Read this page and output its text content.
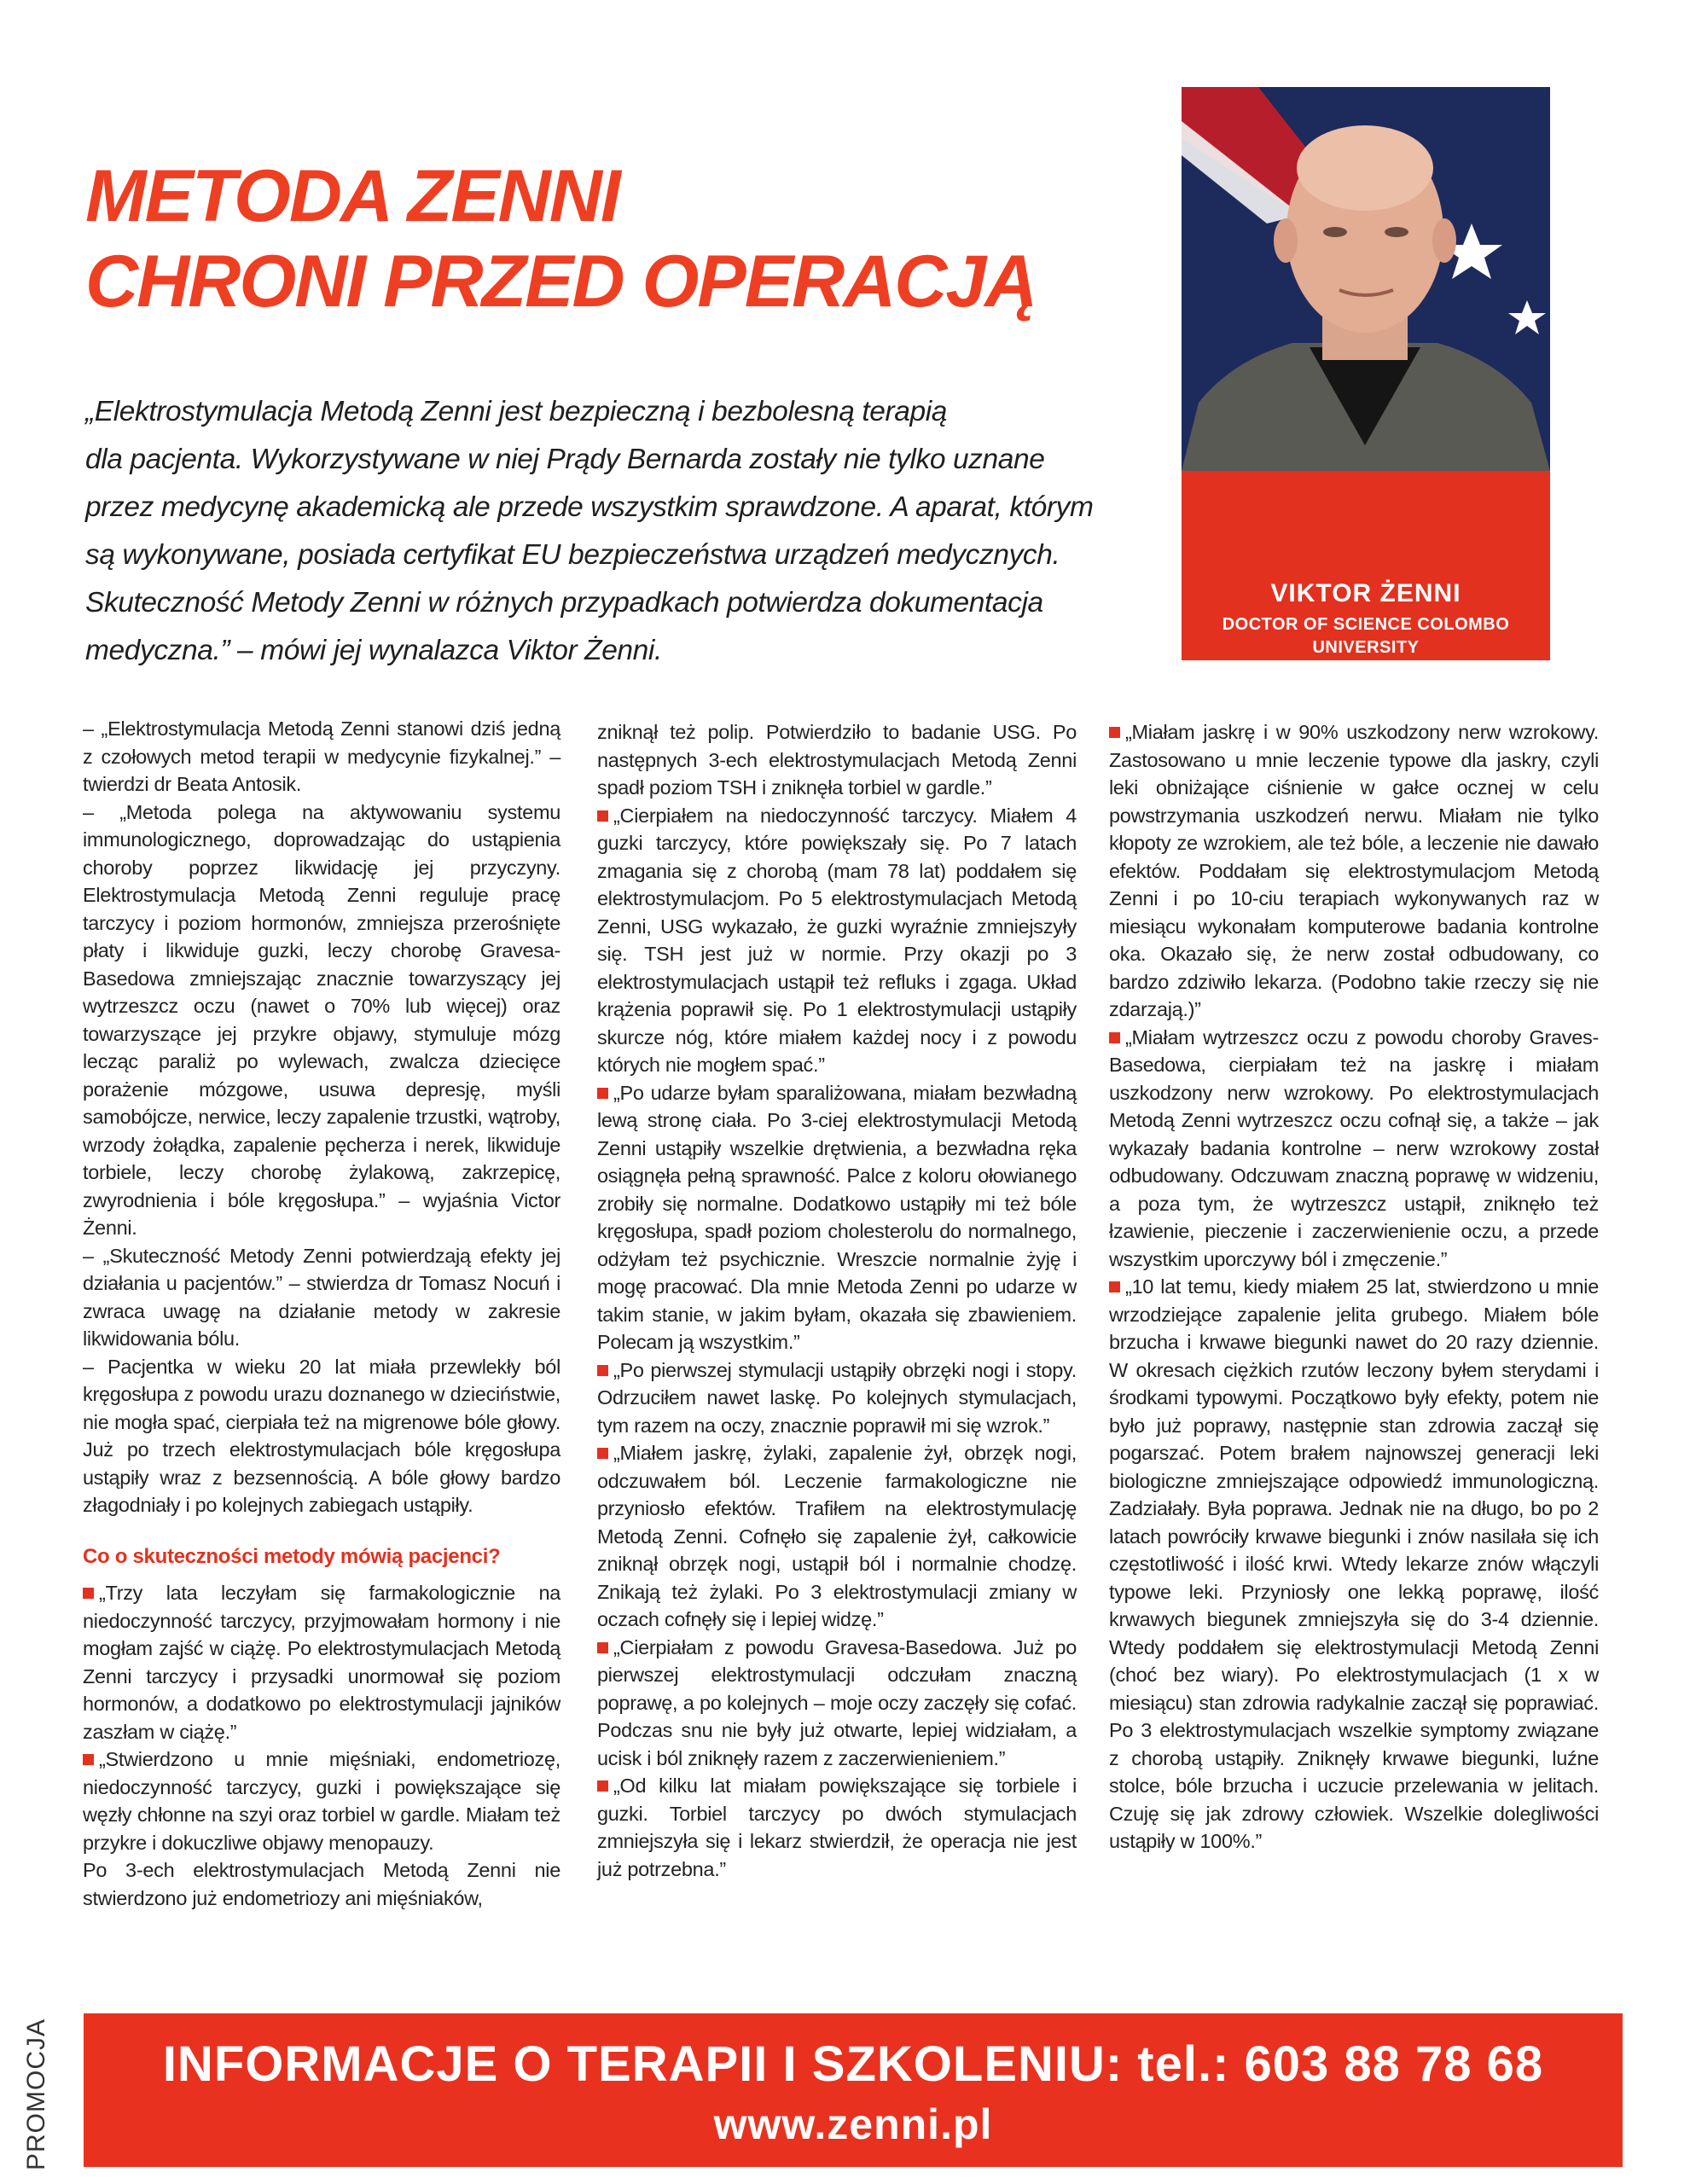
METODA ZENNI
CHRONI PRZED OPERACJĄ
„Elektrostymulacja Metodą Zenni jest bezpieczną i bezbolesną terapią
dla pacjenta. Wykorzystywane w niej Prądy Bernarda zostały nie tylko uznane
przez medycynę akademicką ale przede wszystkim sprawdzone. A aparat, którym
są wykonywane, posiada certyfikat EU bezpieczeństwa urządzeń medycznych.
Skuteczność Metody Zenni w różnych przypadkach potwierdza dokumentacja
medyczna.” – mówi jej wynalazca Viktor Żenni.
VIKTOR ŻENNI
DOCTOR OF SCIENCE COLOMBO UNIVERSITY
– Uczy swojej metody i prowadzi 8 gabinetów w Polsce

– „Elektrostymulacja Metodą Zenni stanowi dziś jedną z czołowych metod terapii w medycynie fizykalnej.” – twierdzi dr Beata Antosik.

– „Metoda polega na aktywowaniu systemu immunologicznego, doprowadzając do ustąpienia choroby poprzez likwidację jej przyczyny. Elektrostymulacja Metodą Zenni reguluje pracę tarczycy i poziom hormonów, zmniejsza przerośnięte płaty i likwiduje guzki, leczy chorobę Gravesa-Basedowa zmniejszając znacznie towarzyszący jej wytrzeszcz oczu (nawet o 70% lub więcej) oraz towarzyszące jej przykre objawy, stymuluje mózg lecząc paraliż po wylewach, zwalcza dziecięce porażenie mózgowe, usuwa depresję, myśli samobójcze, nerwice, leczy zapalenie trzustki, wątroby, wrzody żołądka, zapalenie pęcherza i nerek, likwiduje torbiele, leczy chorobę żylakową, zakrzepicę, zwyrodnienia i bóle kręgosłupa.” – wyjaśnia Victor Żenni.

– „Skuteczność Metody Zenni potwierdzają efekty jej działania u pacjentów.” – stwierdza dr Tomasz Nocuń i zwraca uwagę na działanie metody w zakresie likwidowania bólu.

– Pacjentka w wieku 20 lat miała przewlekły ból kręgosłupa z powodu urazu doznanego w dzieciństwie, nie mogła spać, cierpiała też na migrenowe bóle głowy. Już po trzech elektrostymulacjach bóle kręgosłupa ustąpiły wraz z bezsennością. A bóle głowy bardzo złagodniały i po kolejnych zabiegach ustąpiły.

Co o skuteczności metody mówią pacjenci?

„Trzy lata leczyłam się farmakologicznie na niedoczynność tarczycy, przyjmowałam hormony i nie mogłam zajść w ciążę. Po elektrostymulacjach Metodą Zenni tarczycy i przysadki unormował się poziom hormonów, a dodatkowo po elektrostymulacji jajników zaszłam w ciążę.”

„Stwierdzono u mnie mięśniaki, endometriozę, niedoczynność tarczycy, guzki i powiększające się węzły chłonne na szyi oraz torbiel w gardle. Miałam też przykre i dokuczliwe objawy menopauzy.

Po 3-ech elektrostymulacjach Metodą Zenni nie stwierdzono już endometriozy ani mięśniaków,

zniknął też polip. Potwierdziło to badanie USG. Po następnych 3-ech elektrostymulacjach Metodą Zenni spadł poziom TSH i zniknęła torbiel w gardle.”

„Cierpiałem na niedoczynność tarczycy. Miałem 4 guzki tarczycy, które powiększały się. Po 7 latach zmagania się z chorobą (mam 78 lat) poddałem się elektrostymulacjom. Po 5 elektrostymulacjach Metodą Zenni, USG wykazało, że guzki wyraźnie zmniejszyły się. TSH jest już w normie. Przy okazji po 3 elektrostymulacjach ustąpił też refluks i zgaga. Układ krążenia poprawił się. Po 1 elektrostymulacji ustąpiły skurcze nóg, które miałem każdej nocy i z powodu których nie mogłem spać.”

„Po udarze byłam sparaliżowana, miałam bezwładną lewą stronę ciała. Po 3-ciej elektrostymulacji Metodą Zenni ustąpiły wszelkie drętwienia, a bezwładna ręka osiągnęła pełną sprawność. Palce z koloru ołowianego zrobiły się normalne. Dodatkowo ustąpiły mi też bóle kręgosłupa, spadł poziom cholesterolu do normalnego, odżyłam też psychicznie. Wreszcie normalnie żyję i mogę pracować. Dla mnie Metoda Zenni po udarze w takim stanie, w jakim byłam, okazała się zbawieniem. Polecam ją wszystkim.”

„Po pierwszej stymulacji ustąpiły obrzęki nogi i stopy. Odrzuciłem nawet laskę. Po kolejnych stymulacjach, tym razem na oczy, znacznie poprawił mi się wzrok.”

„Miałem jaskrę, żylaki, zapalenie żył, obrzęk nogi, odczuwałem ból. Leczenie farmakologiczne nie przyniosło efektów. Trafiłem na elektrostymulację Metodą Zenni. Cofnęło się zapalenie żył, całkowicie zniknął obrzęk nogi, ustąpił ból i normalnie chodzę. Znikają też żylaki. Po 3 elektrostymulacji zmiany w oczach cofnęły się i lepiej widzę.”

„Cierpiałam z powodu Gravesa-Basedowa. Już po pierwszej elektrostymulacji odczułam znaczną poprawę, a po kolejnych – moje oczy zaczęły się cofać. Podczas snu nie były już otwarte, lepiej widziałam, a ucisk i ból zniknęły razem z zaczerwienieniem.”

„Od kilku lat miałam powiększające się torbiele i guzki. Torbiel tarczycy po dwóch stymulacjach zmniejszyła się i lekarz stwierdził, że operacja nie jest już potrzebna.”

„Miałam jaskrę i w 90% uszkodzony nerw wzrokowy. Zastosowano u mnie leczenie typowe dla jaskry, czyli leki obniżające ciśnienie w gałce ocznej w celu powstrzymania uszkodzeń nerwu. Miałam nie tylko kłopoty ze wzrokiem, ale też bóle, a leczenie nie dawało efektów. Poddałam się elektrostymulacjom Metodą Zenni i po 10-ciu terapiach wykonywanych raz w miesiącu wykonałam komputerowe badania kontrolne oka. Okazało się, że nerw został odbudowany, co bardzo zdziwiło lekarza. (Podobno takie rzeczy się nie zdarzają.)”

„Miałam wytrzeszcz oczu z powodu choroby Graves-Basedowa, cierpiałam też na jaskrę i miałam uszkodzony nerw wzrokowy. Po elektrostymulacjach Metodą Zenni wytrzeszcz oczu cofnął się, a także – jak wykazały badania kontrolne – nerw wzrokowy został odbudowany. Odczuwam znaczną poprawę w widzeniu, a poza tym, że wytrzeszcz ustąpił, zniknęło też łzawienie, pieczenie i zaczerwienienie oczu, a przede wszystkim uporczywy ból i zmęczenie.”

„10 lat temu, kiedy miałem 25 lat, stwierdzono u mnie wrzodziejące zapalenie jelita grubego. Miałem bóle brzucha i krwawe biegunki nawet do 20 razy dziennie. W okresach ciężkich rzutów leczony byłem sterydami i środkami typowymi. Początkowo były efekty, potem nie było już poprawy, następnie stan zdrowia zaczął się pogarszać. Potem brałem najnowszej generacji leki biologiczne zmniejszające odpowiedź immunologiczną. Zadziałały. Była poprawa. Jednak nie na długo, bo po 2 latach powróciły krwawe biegunki i znów nasilała się ich częstotliwość i ilość krwi. Wtedy lekarze znów włączyli typowe leki. Przyniosły one lekką poprawę, ilość krwawych biegunek zmniejszyła się do 3-4 dziennie. Wtedy poddałem się elektrostymulacji Metodą Zenni (choć bez wiary). Po elektrostymulacjach (1 x w miesiącu) stan zdrowia radykalnie zaczął się poprawiać. Po 3 elektrostymulacjach wszelkie symptomy związane z chorobą ustąpiły. Zniknęły krwawe biegunki, luźne stolce, bóle brzucha i uczucie przelewania w jelitach. Czuję się jak zdrowy człowiek. Wszelkie dolegliwości ustąpiły w 100%.”

PROMOCJA	INFORMACJE O TERAPII I SZKOLENIU: tel.: 603 88 78 68
www.zenni.pl
